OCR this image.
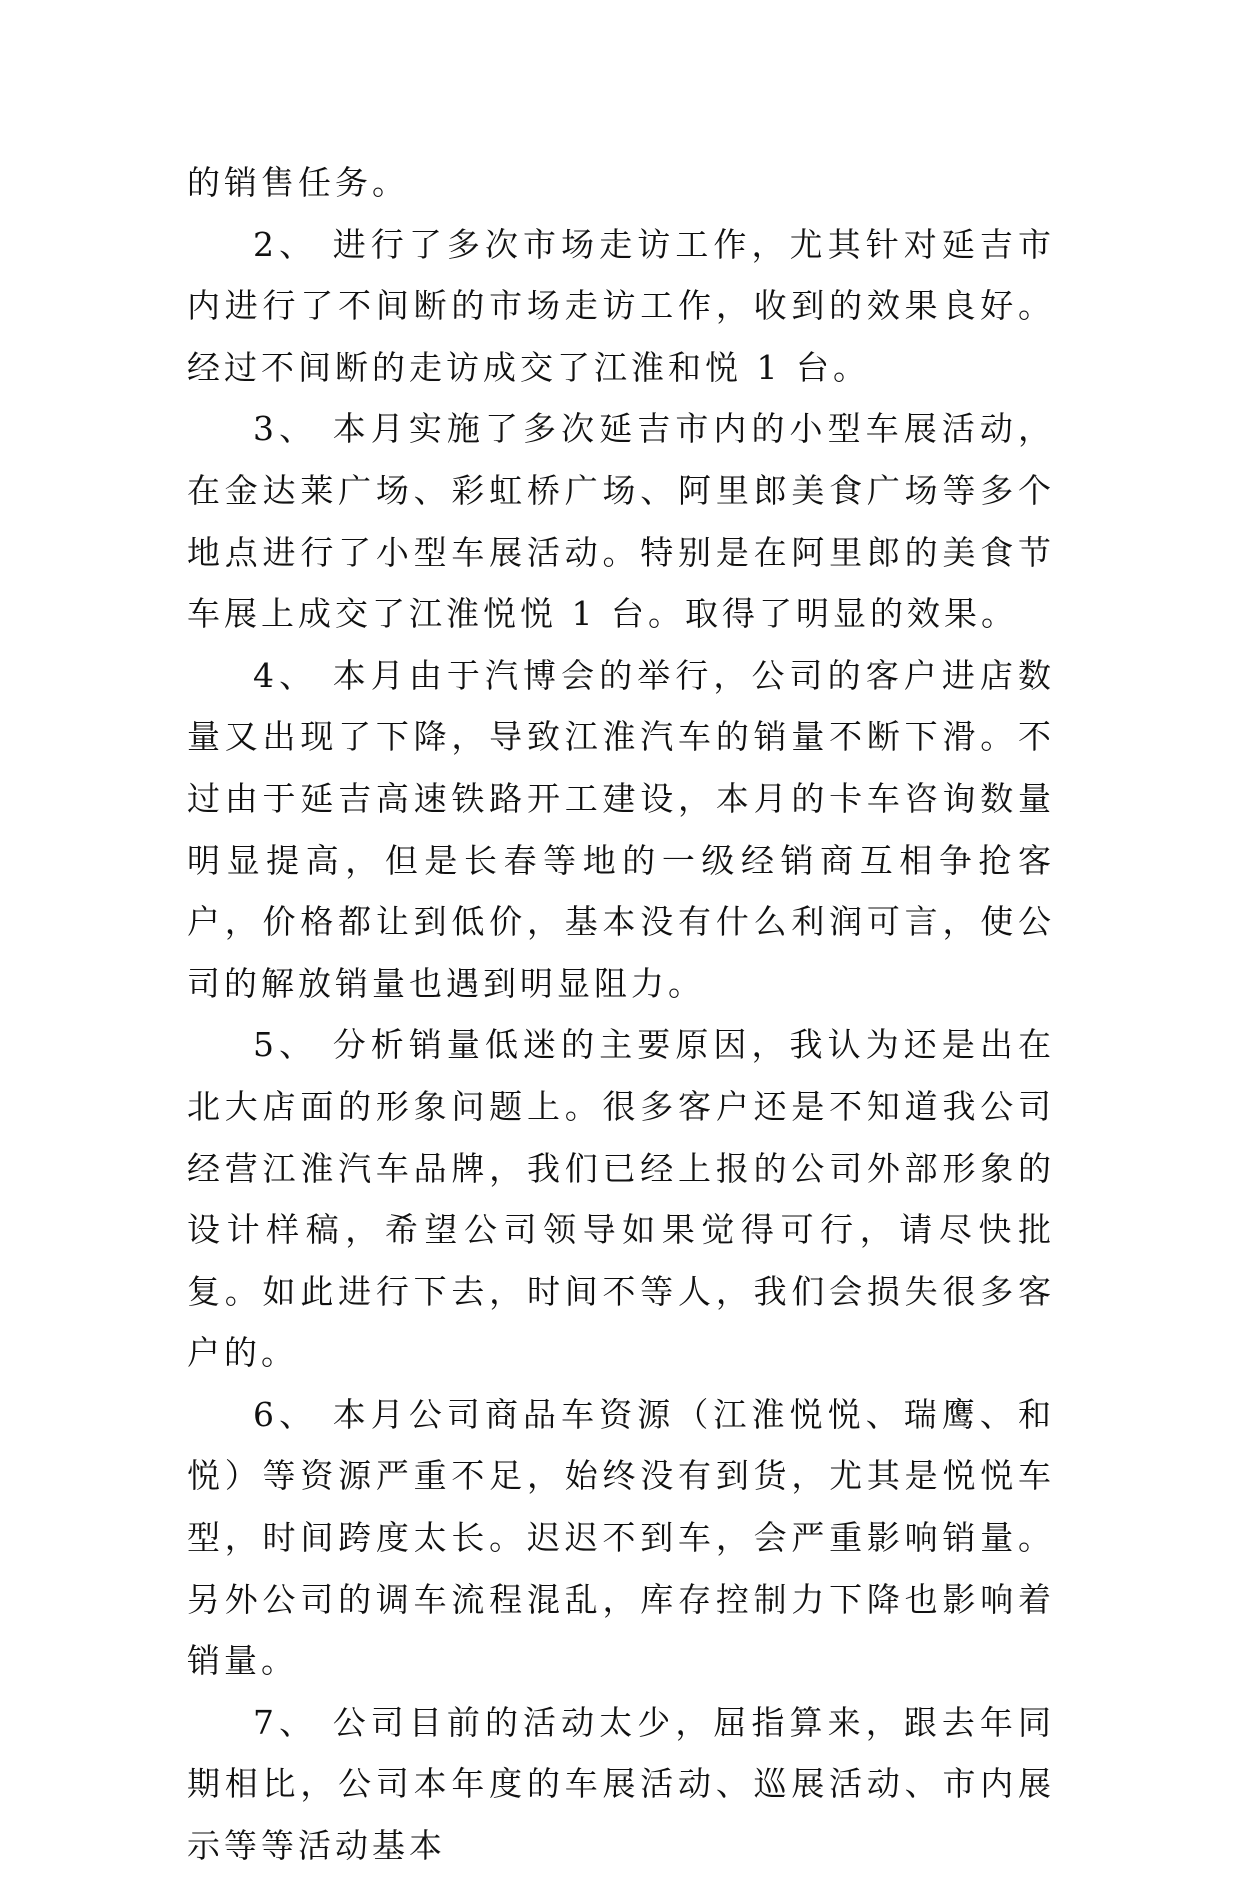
的销售任务。

2、 进行了多次市场走访工作，尤其针对延吉市内进行了不间断的市场走访工作，收到的效果良好。经过不间断的走访成交了江淮和悦 1 台。

3、 本月实施了多次延吉市内的小型车展活动，在金达莱广场、彩虹桥广场、阿里郎美食广场等多个地点进行了小型车展活动。特别是在阿里郎的美食节车展上成交了江淮悦悦 1 台。取得了明显的效果。

4、 本月由于汽博会的举行，公司的客户进店数量又出现了下降，导致江淮汽车的销量不断下滑。不过由于延吉高速铁路开工建设，本月的卡车咨询数量明显提高，但是长春等地的一级经销商互相争抢客户，价格都让到低价，基本没有什么利润可言，使公司的解放销量也遇到明显阻力。

5、 分析销量低迷的主要原因，我认为还是出在北大店面的形象问题上。很多客户还是不知道我公司经营江淮汽车品牌，我们已经上报的公司外部形象的设计样稿，希望公司领导如果觉得可行，请尽快批复。如此进行下去，时间不等人，我们会损失很多客户的。

6、 本月公司商品车资源（江淮悦悦、瑞鹰、和悦）等资源严重不足，始终没有到货，尤其是悦悦车型，时间跨度太长。迟迟不到车，会严重影响销量。另外公司的调车流程混乱，库存控制力下降也影响着销量。

7、 公司目前的活动太少，屈指算来，跟去年同期相比，公司本年度的车展活动、巡展活动、市内展示等等活动基本
